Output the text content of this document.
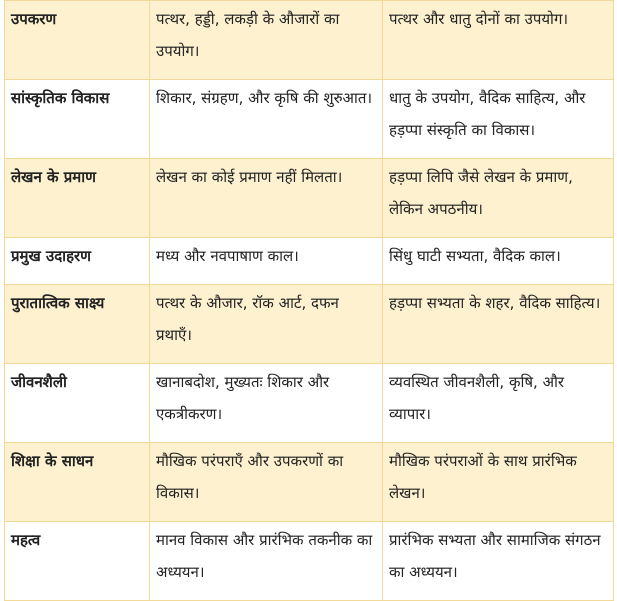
उपकरण	पत्थर, हड्डी, लकड़ी के औजारों का उपयोग।	पत्थर और धातु दोनों का उपयोग।
सांस्कृतिक विकास	शिकार, संग्रहण, और कृषि की शुरुआत।	धातु के उपयोग, वैदिक साहित्य, और हड़प्पा संस्कृति का विकास।
लेखन के प्रमाण	लेखन का कोई प्रमाण नहीं मिलता।	हड़प्पा लिपि जैसे लेखन के प्रमाण, लेकिन अपठनीय।
प्रमुख उदाहरण	मध्य और नवपाषाण काल।	सिंधु घाटी सभ्यता, वैदिक काल।
पुरातात्विक साक्ष्य	पत्थर के औजार, रॉक आर्ट, दफन प्रथाएँ।	हड़प्पा सभ्यता के शहर, वैदिक साहित्य।
जीवनशैली	खानाबदोश, मुख्यतः शिकार और एकत्रीकरण।	व्यवस्थित जीवनशैली, कृषि, और व्यापार।
शिक्षा के साधन	मौखिक परंपराएँ और उपकरणों का विकास।	मौखिक परंपराओं के साथ प्रारंभिक लेखन।
महत्व	मानव विकास और प्रारंभिक तकनीक का अध्ययन।	प्रारंभिक सभ्यता और सामाजिक संगठन का अध्ययन।
